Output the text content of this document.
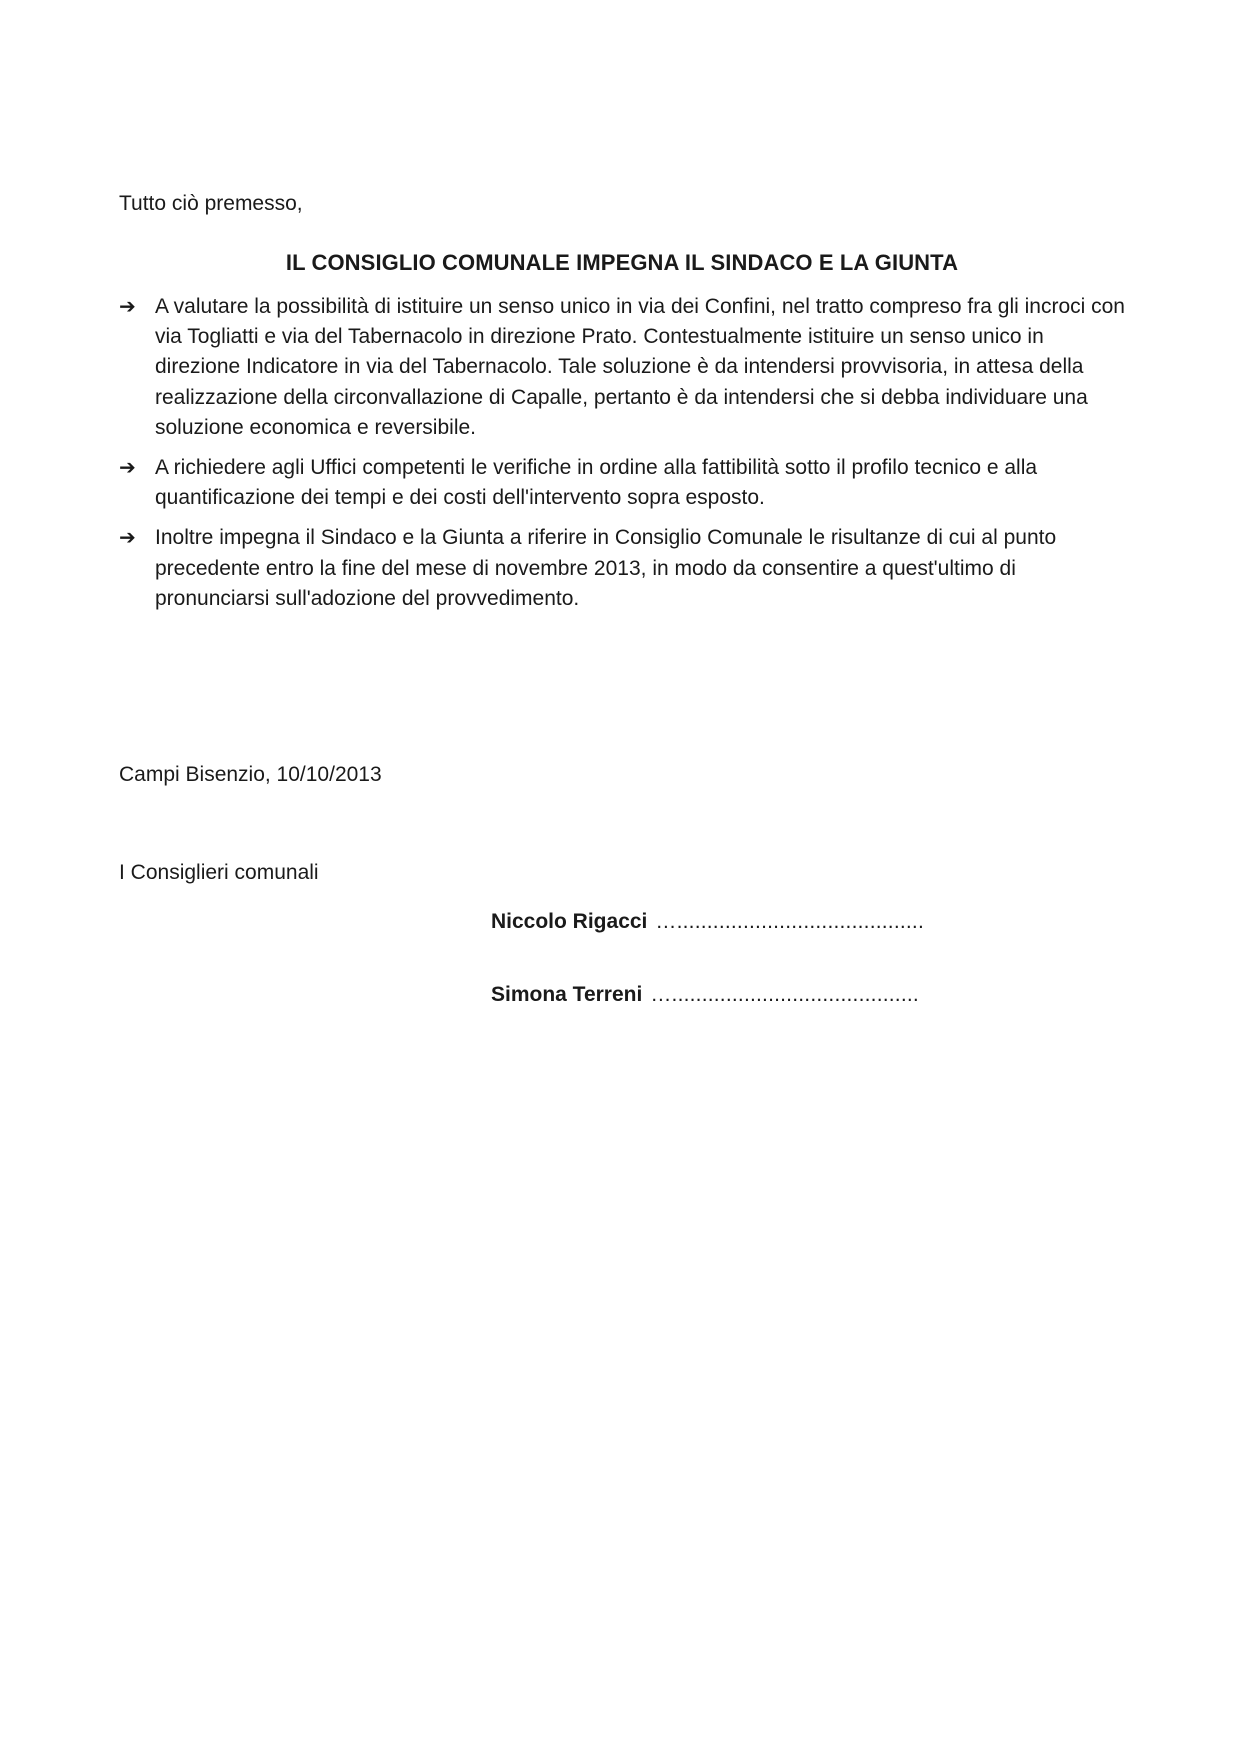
Tutto ciò premesso,
IL CONSIGLIO COMUNALE IMPEGNA IL SINDACO E LA GIUNTA
➔ A valutare la possibilità di istituire un senso unico in via dei Confini, nel tratto compreso fra gli incroci con via Togliatti e via del Tabernacolo in direzione Prato. Contestualmente istituire un senso unico in direzione Indicatore in via del Tabernacolo. Tale soluzione è da intendersi provvisoria, in attesa della realizzazione della circonvallazione di Capalle, pertanto è da intendersi che si debba individuare una soluzione economica e reversibile.
➔ A richiedere agli Uffici competenti le verifiche in ordine alla fattibilità sotto il profilo tecnico e alla quantificazione dei tempi e dei costi dell'intervento sopra esposto.
➔ Inoltre impegna il Sindaco e la Giunta a riferire in Consiglio Comunale le risultanze di cui al punto precedente entro la fine del mese di novembre 2013, in modo da consentire a quest'ultimo di pronunciarsi sull'adozione del provvedimento.
Campi Bisenzio, 10/10/2013
I Consiglieri comunali
Niccolo Rigacci ….........................................
Simona Terreni ….........................................
